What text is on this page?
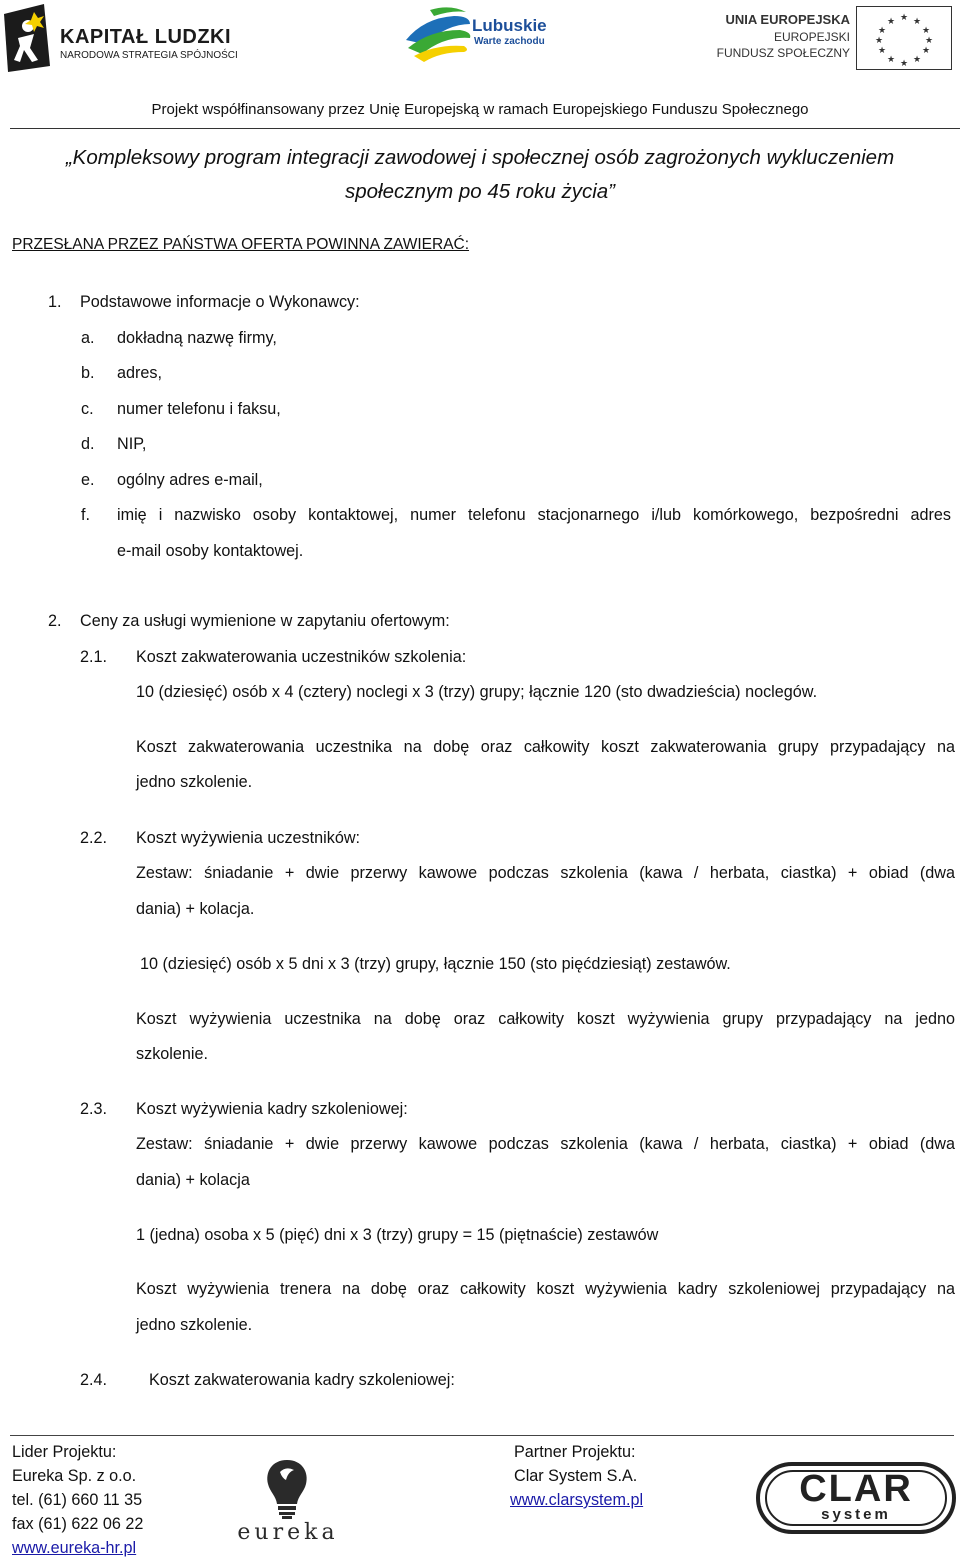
KAPITAŁ LUDZKI
NARODOWA STRATEGIA SPÓJNOŚCI
Lubuskie
Warte zachodu
UNIA EUROPEJSKA
EUROPEJSKI
FUNDUSZ SPOŁECZNY
★ ★
★
★
★
★
★
★
★
★
★
★
Projekt współfinansowany przez Unię Europejską w ramach Europejskiego Funduszu Społecznego
„Kompleksowy program integracji zawodowej i społecznej osób zagrożonych wykluczeniem
społecznym po 45 roku życia”
PRZESŁANA PRZEZ PAŃSTWA OFERTA POWINNA ZAWIERAĆ:
1. Podstawowe informacje o Wykonawcy:
a. dokładną nazwę firmy,
b. adres,
c. numer telefonu i faksu,
d. NIP,
e. ogólny adres e-mail,
f. imię i nazwisko osoby kontaktowej, numer telefonu stacjonarnego i/lub komórkowego, bezpośredni adres
e-mail osoby kontaktowej.
2. Ceny za usługi wymienione w zapytaniu ofertowym:
2.1. Koszt zakwaterowania uczestników szkolenia:
10 (dziesięć) osób x 4 (cztery) noclegi x 3 (trzy) grupy; łącznie 120 (sto dwadzieścia) noclegów.
Koszt zakwaterowania uczestnika na dobę oraz całkowity koszt zakwaterowania grupy przypadający na
jedno szkolenie.
2.2. Koszt wyżywienia uczestników:
Zestaw: śniadanie + dwie przerwy kawowe podczas szkolenia (kawa / herbata, ciastka) + obiad (dwa
dania) + kolacja.
10 (dziesięć) osób x 5 dni x 3 (trzy) grupy, łącznie 150 (sto pięćdziesiąt) zestawów.
Koszt wyżywienia uczestnika na dobę oraz całkowity koszt wyżywienia grupy przypadający na jedno
szkolenie.
2.3. Koszt wyżywienia kadry szkoleniowej:
Zestaw: śniadanie + dwie przerwy kawowe podczas szkolenia (kawa / herbata, ciastka) + obiad (dwa
dania) + kolacja
1 (jedna) osoba x 5 (pięć) dni x 3 (trzy) grupy = 15 (piętnaście) zestawów
Koszt wyżywienia trenera na dobę oraz całkowity koszt wyżywienia kadry szkoleniowej przypadający na
jedno szkolenie.
2.4.	Koszt zakwaterowania kadry szkoleniowej:
Lider Projektu:
Eureka Sp. z o.o.
tel. (61) 660 11 35
fax (61) 622 06 22
www.eureka-hr.pl
eureka
Partner Projektu:
Clar System S.A.
www.clarsystem.pl	CLAR
system
